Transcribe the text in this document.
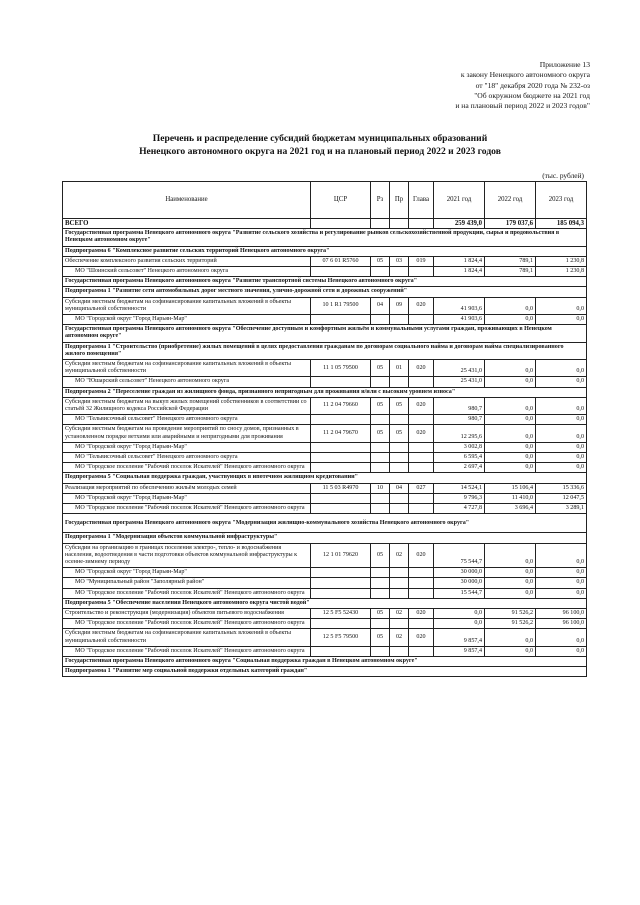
Приложение 13
к закону Ненецкого автономного округа
от "18" декабря 2020 года № 232-оз
"Об окружном бюджете на 2021 год
и на плановый период 2022 и 2023 годов"
Перечень и распределение субсидий бюджетам муниципальных образований
Ненецкого автономного округа на 2021 год и на плановый период 2022 и 2023 годов
(тыс. рублей)
Наименование	ЦСР	Рз	Пр	Глава	2021 год	2022 год	2023 год
ВСЕГО					259 439,0	179 037,6	185 094,3
Государственная программа Ненецкого автономного округа "Развитие сельского хозяйства и регулирование рынков сельскохозяйственной продукции, сырья и продовольствия в Ненецком автономном округе"							
Подпрограмма 6 "Комплексное развитие сельских территорий Ненецкого автономного округа"							
Обеспечение комплексного развития сельских территорий	07 6 01 R5760	05	03	019	1 824,4	789,1	1 230,8
МО "Шоинский сельсовет" Ненецкого автономного округа					1 824,4	789,1	1 230,8
Государственная программа Ненецкого автономного округа "Развитие транспортной системы Ненецкого автономного округа"							
Подпрограмма 1 "Развитие сети автомобильных дорог местного значения, улично-дорожной сети и дорожных сооружений"							
Субсидии местным бюджетам на софинансирование капитальных вложений в объекты муниципальной собственности	10 1 R1 79500	04	09	020	41 903,6	0,0	0,0
МО "Городской округ "Город Нарьян-Мар"					41 903,6	0,0	0,0
Государственная программа Ненецкого автономного округа "Обеспечение доступным и комфортным жильём и коммунальными услугами граждан, проживающих в Ненецком автономном округе"							
Подпрограмма 1 "Строительство (приобретение) жилых помещений в целях предоставления гражданам по договорам социального найма и договорам найма специализированного жилого помещения"							
Субсидии местным бюджетам на софинансирование капитальных вложений в объекты муниципальной собственности	11 1 05 79500	05	01	020	25 431,0	0,0	0,0
МО "Юшарский сельсовет" Ненецкого автономного округа					25 431,0	0,0	0,0
Подпрограмма 2 "Переселение граждан из жилищного фонда, признанного непригодным для проживания и/или с высоким уровнем износа"							
Субсидии местным бюджетам на выкуп жилых помещений собственников в соответствии со статьёй 32 Жилищного кодекса Российской Федерации	11 2 04 79660	05	05	020	980,7	0,0	0,0
МО "Тельвисочный сельсовет" Ненецкого автономного округа					980,7	0,0	0,0
Субсидии местным бюджетам на проведение мероприятий по сносу домов, признанных в установленном порядке ветхими или аварийными и непригодными для проживания	11 2 04 79670	05	05	020	12 295,6	0,0	0,0
МО "Городской округ "Город Нарьян-Мар"					3 002,8	0,0	0,0
МО "Тельвисочный сельсовет" Ненецкого автономного округа					6 595,4	0,0	0,0
МО "Городское поселение "Рабочий поселок Искателей" Ненецкого автономного округа					2 697,4	0,0	0,0
Подпрограмма 5 "Социальная поддержка граждан, участвующих в ипотечном жилищном кредитовании"							
Реализация мероприятий по обеспечению жильём молодых семей	11 5 03 R4970	10	04	027	14 524,1	15 106,4	15 336,6
МО "Городской округ "Город Нарьян-Мар"					9 796,3	11 410,0	12 047,5
МО "Городское поселение "Рабочий поселок Искателей" Ненецкого автономного округа					4 727,8	3 696,4	3 289,1
Государственная программа Ненецкого автономного округа "Модернизация жилищно-коммунального хозяйства Ненецкого автономного округа"							
Подпрограмма 1 "Модернизация объектов коммунальной инфраструктуры"							
Субсидии на организацию в границах поселения электро-, тепло- и водоснабжения населения, водоотведения в части подготовки объектов коммунальной инфраструктуры к осенне-зимнему периоду	12 1 01 79620	05	02	020	75 544,7	0,0	0,0
МО "Городской округ "Город Нарьян-Мар"					30 000,0	0,0	0,0
МО "Муниципальный район "Заполярный район"					30 000,0	0,0	0,0
МО "Городское поселение "Рабочий поселок Искателей" Ненецкого автономного округа					15 544,7	0,0	0,0
Подпрограмма 5 "Обеспечение населения Ненецкого автономного округа чистой водой"							
Строительство и реконструкция (модернизация) объектов питьевого водоснабжения	12 5 F5 52430	05	02	020	0,0	91 526,2	96 100,0
МО "Городское поселение "Рабочий поселок Искателей" Ненецкого автономного округа					0,0	91 526,2	96 100,0
Субсидии местным бюджетам на софинансирование капитальных вложений в объекты муниципальной собственности	12 5 F5 79500	05	02	020	9 857,4	0,0	0,0
МО "Городское поселение "Рабочий поселок Искателей" Ненецкого автономного округа					9 857,4	0,0	0,0
Государственная программа Ненецкого автономного округа "Социальная поддержка граждан в Ненецком автономном округе"							
Подпрограмма 1 "Развитие мер социальной поддержки отдельных категорий граждан"							
